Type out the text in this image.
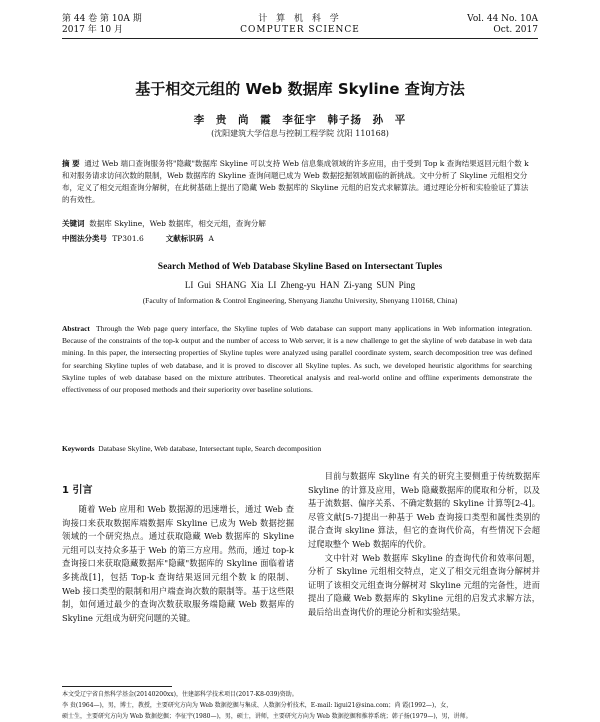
第 44 卷 第 10A 期
2017 年 10 月
计 算 机 科 学
COMPUTER SCIENCE
Vol. 44 No. 10A
Oct. 2017
基于相交元组的 Web 数据库 Skyline 查询方法
李 贵 尚 霞 李征宇 韩子扬 孙 平
(沈阳建筑大学信息与控制工程学院 沈阳 110168)
摘 要 通过 Web 端口查询服务将"隐藏"数据库 Skyline 可以支持 Web 信息集成领域的许多应用，由于受到 Top k 查询结果返回元组个数 k 和对服务请求访问次数的限制，Web 数据库的 Skyline 查询问题已成为 Web 数据挖掘领域面临的新挑战。文中分析了 Skyline 元组相交分布，定义了相交元组查询分解树，在此树基础上提出了隐藏 Web 数据库的 Skyline 元组的启发式求解算法。通过理论分析和实验验证了算法的有效性。
关键词 数据库 Skyline，Web 数据库，相交元组，查询分解
中图法分类号 TP301.6	文献标识码 A
Search Method of Web Database Skyline Based on Intersectant Tuples
LI Gui SHANG Xia LI Zheng-yu HAN Zi-yang SUN Ping
(Faculty of Information & Control Engineering, Shenyang Jianzhu University, Shenyang 110168, China)
Abstract Through the Web page query interface, the Skyline tuples of Web database can support many applications in Web information integration. Because of the constraints of the top-k output and the number of access to Web server, it is a new challenge to get the skyline of web database in web data mining. In this paper, the intersecting properties of Skyline tuples were analyzed using parallel coordinate system, search decomposition tree was defined for searching Skyline tuples of web database, and it is proved to discover all Skyline tuples. As such, we developed heuristic algorithms for searching Skyline tuples of web database based on the mixture attributes. Theoretical analysis and real-world online and offline experiments demonstrate the effectiveness of our proposed methods and their superiority over baseline solutions.
Keywords Database Skyline, Web database, Intersectant tuple, Search decomposition
1 引言

随着 Web 应用和 Web 数据源的迅速增长，通过 Web 查询接口来获取数据库端数据库 Skyline 已成为 Web 数据挖掘领域的一个研究热点。通过获取隐藏 Web 数据库的 Skyline 元组可以支持众多基于 Web 的第三方应用。然而，通过 top-k 查询接口来获取隐藏数据库"隐藏"数据库的 Skyline 面临着诸多挑战[1]，包括 Top-k 查询结果返回元组个数 k 的限制、Web 接口类型的限制和用户端查询次数的限制等。基于这些限制，如何通过最少的查询次数获取服务端隐藏 Web 数据库的 Skyline 元组成为研究问题的关键。

目前与数据库 Skyline 有关的研究主要侧重于传统数据库 Skyline 的计算及应用，Web 隐藏数据库的爬取和分析，以及基于流数据、偏序关系、不确定数据的 Skyline 计算等[2-4]。尽管文献[5-7]提出一种基于 Web 查询接口类型和属性类别的混合查询 skyline 算法，但它的查询代价高，有些情况下会超过爬取整个 Web 数据库的代价。

文中针对 Web 数据库 Skyline 的查询代价和效率问题，分析了 Skyline 元组相交特点，定义了相交元组查询分解树并证明了该相交元组查询分解树对 Skyline 元组的完备性，进而提出了隐藏 Web 数据库的 Skyline 元组的启发式求解方法，最后给出查询代价的理论分析和实验结果。

本文受辽宁省自然科学基金(20140200xx)，住建部科学技术项目(2017-K8-039)资助。
李 贵(1964—)，男，博士，教授，主要研究方向为 Web 数据挖掘与集成、人数据分析技术，E-mail: ligui21@sina.com；尚 霞(1992—)，女，
硕士生，主要研究方向为 Web 数据挖掘；李征宇(1980—)，男，硕士，讲师，主要研究方向为 Web 数据挖掘和推荐系统；韩子扬(1979—)，男，讲师。
